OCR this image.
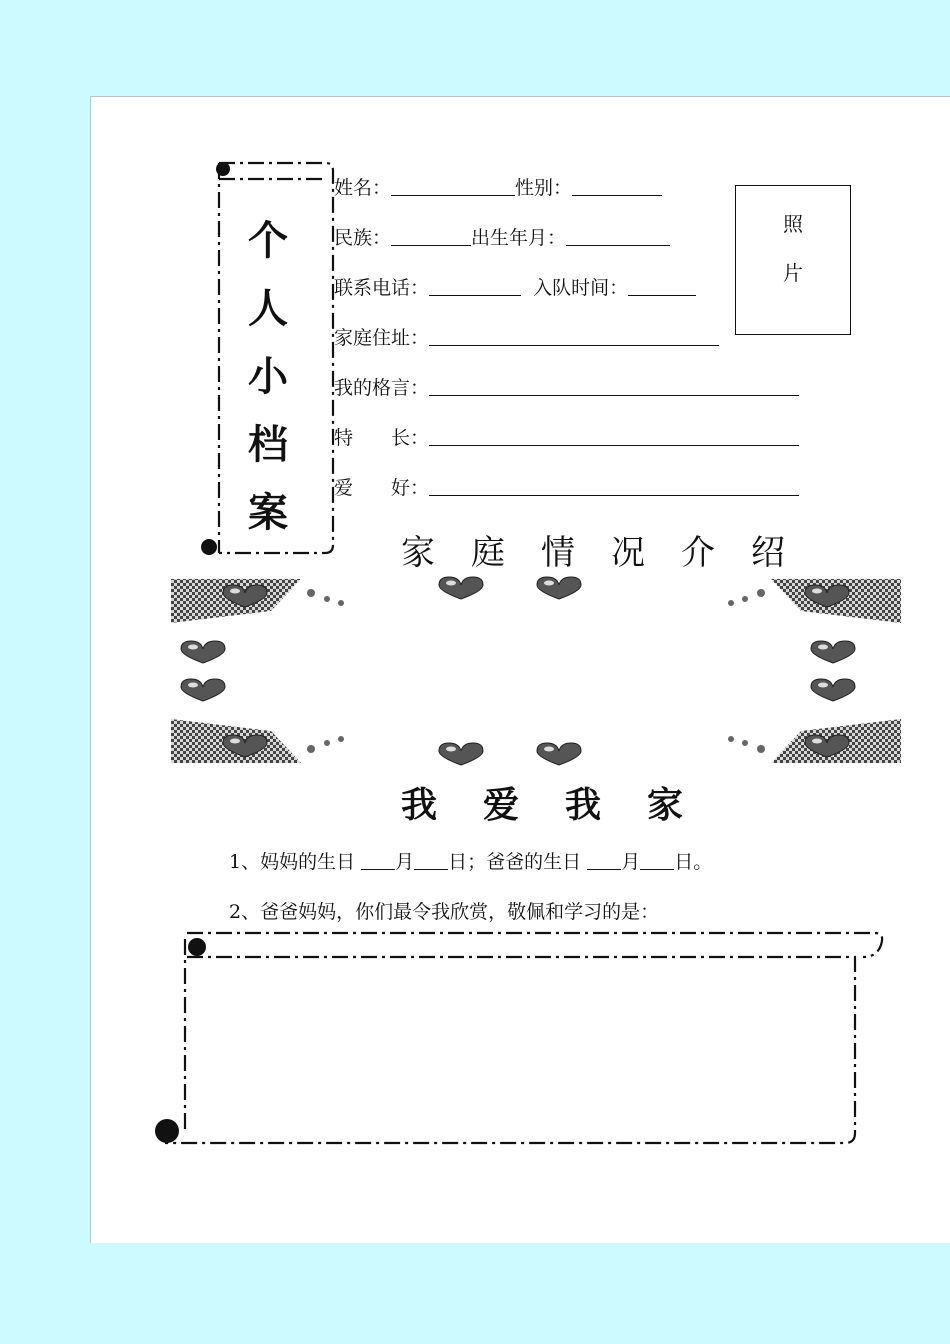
个
人
小
档
案
姓名：	性别：
民族：	出生年月：
联系电话：	入队时间：
家庭住址：
我的格言：
特　　长：
爱　　好：
照
片
家庭情况介绍
我爱我家
1、妈妈的生日 月 日；爸爸的生日 月 日。
2、爸爸妈妈，你们最令我欣赏，敬佩和学习的是：
